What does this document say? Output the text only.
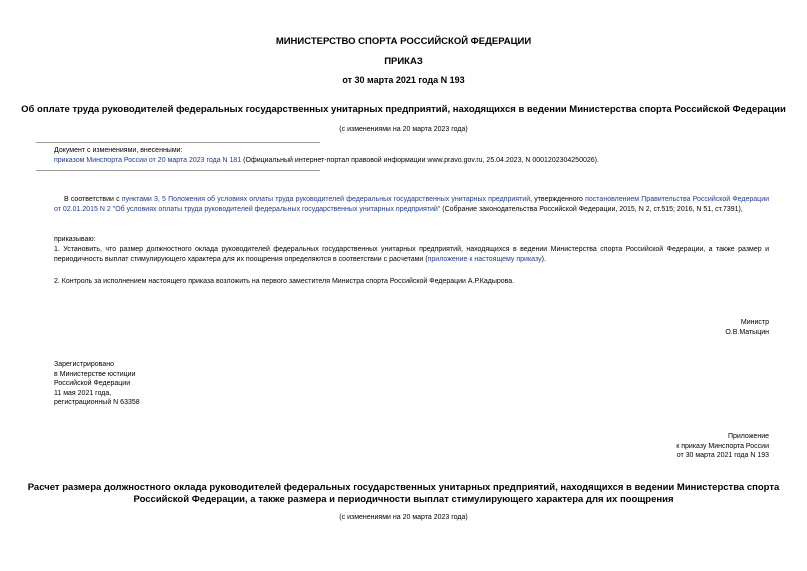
МИНИСТЕРСТВО СПОРТА РОССИЙСКОЙ ФЕДЕРАЦИИ
ПРИКАЗ
от 30 марта 2021 года N 193
Об оплате труда руководителей федеральных государственных унитарных предприятий, находящихся в ведении Министерства спорта Российской Федерации
(с изменениями на 20 марта 2023 года)
Документ с изменениями, внесенными:
приказом Минспорта России от 20 марта 2023 года N 181 (Официальный интернет-портал правовой информации www.pravo.gov.ru, 25.04.2023, N 0001202304250026).
В соответствии с пунктами 3, 5 Положения об условиях оплаты труда руководителей федеральных государственных унитарных предприятий, утвержденного постановлением Правительства Российской Федерации от 02.01.2015 N 2 "Об условиях оплаты труда руководителей федеральных государственных унитарных предприятий" (Собрание законодательства Российской Федерации, 2015, N 2, ст.515; 2016, N 51, ст.7391),
приказываю:
1. Установить, что размер должностного оклада руководителей федеральных государственных унитарных предприятий, находящихся в ведении Министерства спорта Российской Федерации, а также размер и периодичность выплат стимулирующего характера для их поощрения определяются в соответствии с расчетами (приложение к настоящему приказу).
2. Контроль за исполнением настоящего приказа возложить на первого заместителя Министра спорта Российской Федерации А.Р.Кадырова.
Министр
О.В.Матыцин
Зарегистрировано
в Министерстве юстиции
Российской Федерации
11 мая 2021 года,
регистрационный N 63358
Приложение
к приказу Минспорта России
от 30 марта 2021 года N 193
Расчет размера должностного оклада руководителей федеральных государственных унитарных предприятий, находящихся в ведении Министерства спорта
Российской Федерации, а также размера и периодичности выплат стимулирующего характера для их поощрения
(с изменениями на 20 марта 2023 года)
